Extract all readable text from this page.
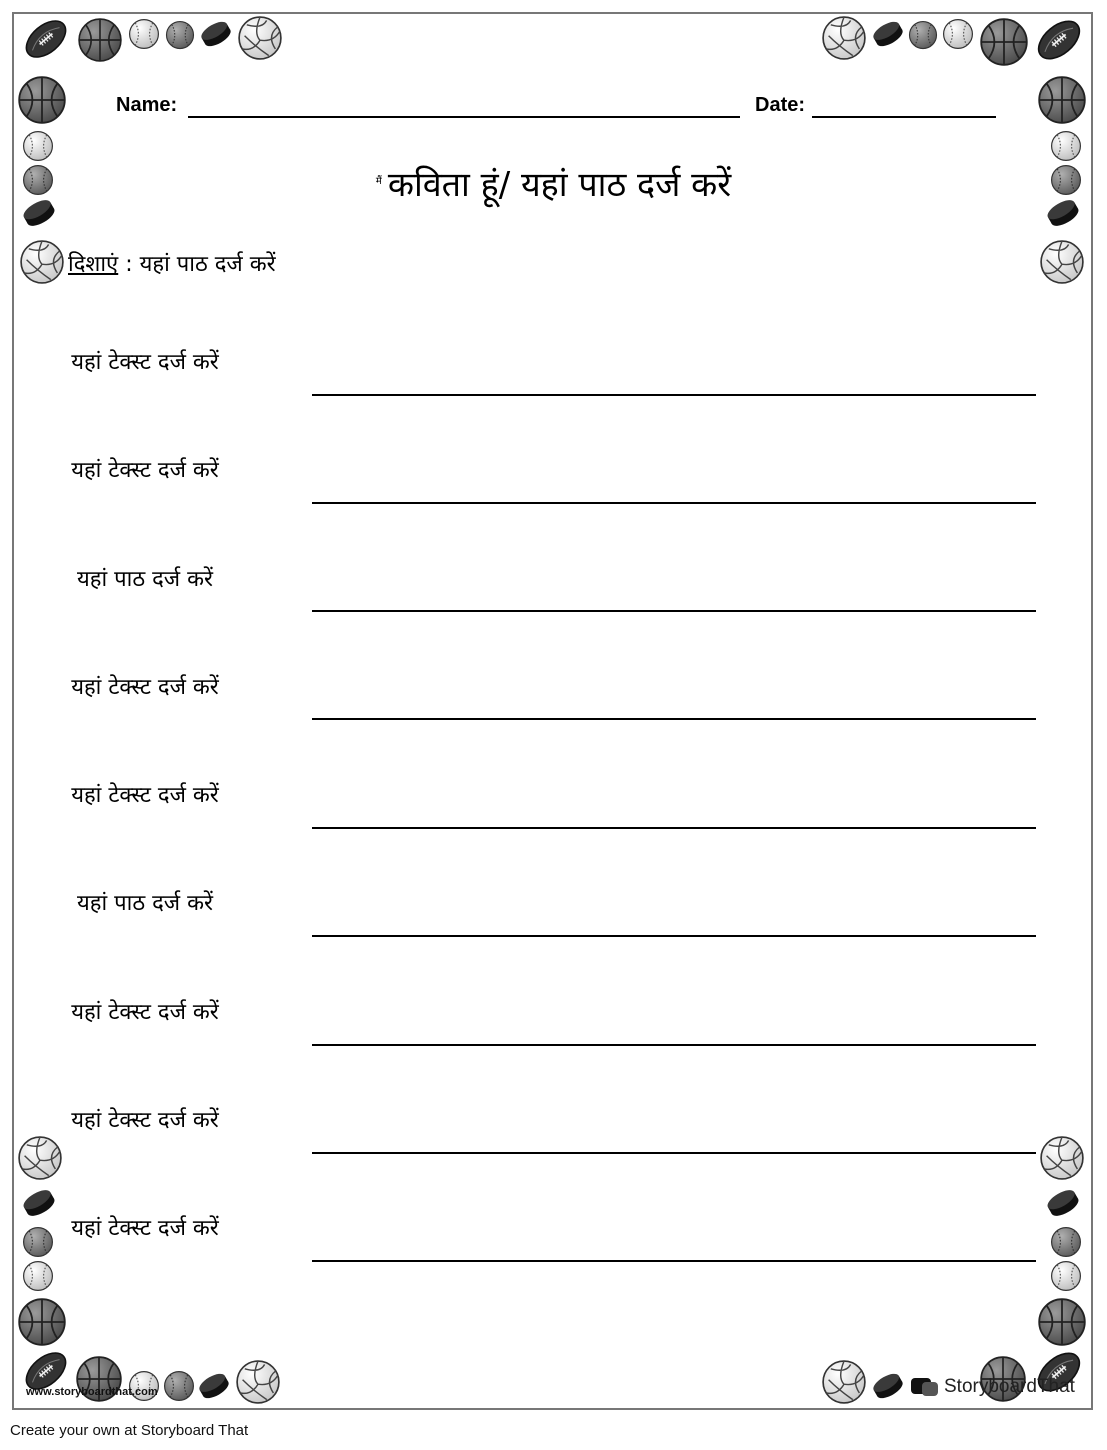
Name:	Date:
$^{मैं}$ कविता हूं/ यहां पाठ दर्ज करें
दिशाएं : यहां पाठ दर्ज करें
यहां टेक्स्ट दर्ज करें
यहां टेक्स्ट दर्ज करें
यहां पाठ दर्ज करें
यहां टेक्स्ट दर्ज करें
यहां टेक्स्ट दर्ज करें
यहां पाठ दर्ज करें
यहां टेक्स्ट दर्ज करें
यहां टेक्स्ट दर्ज करें
यहां टेक्स्ट दर्ज करें
www.storyboardthat.com	StoryboardThat
Create your own at Storyboard That
